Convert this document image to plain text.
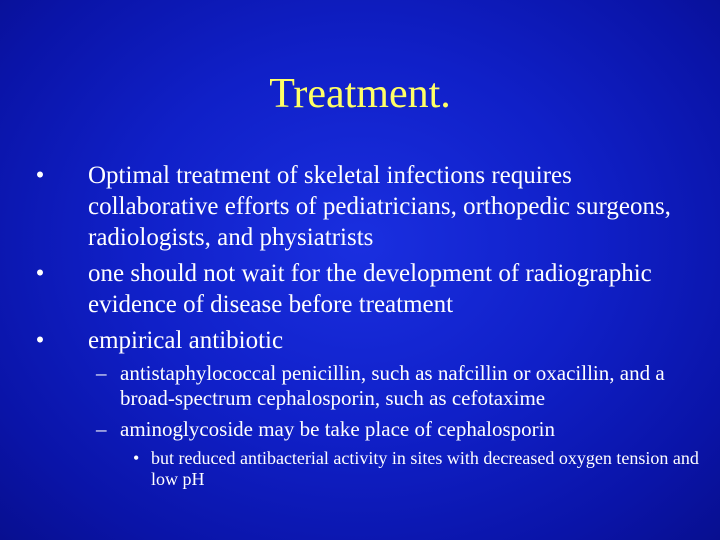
Treatment.
• Optimal treatment of skeletal infections requires collaborative efforts of pediatricians, orthopedic surgeons, radiologists, and physiatrists
• one should not wait for the development of radiographic evidence of disease before treatment
• empirical antibiotic
– antistaphylococcal penicillin, such as nafcillin or oxacillin, and a broad-spectrum cephalosporin, such as cefotaxime
– aminoglycoside may be take place of cephalosporin
• but reduced antibacterial activity in sites with decreased oxygen tension and low pH
